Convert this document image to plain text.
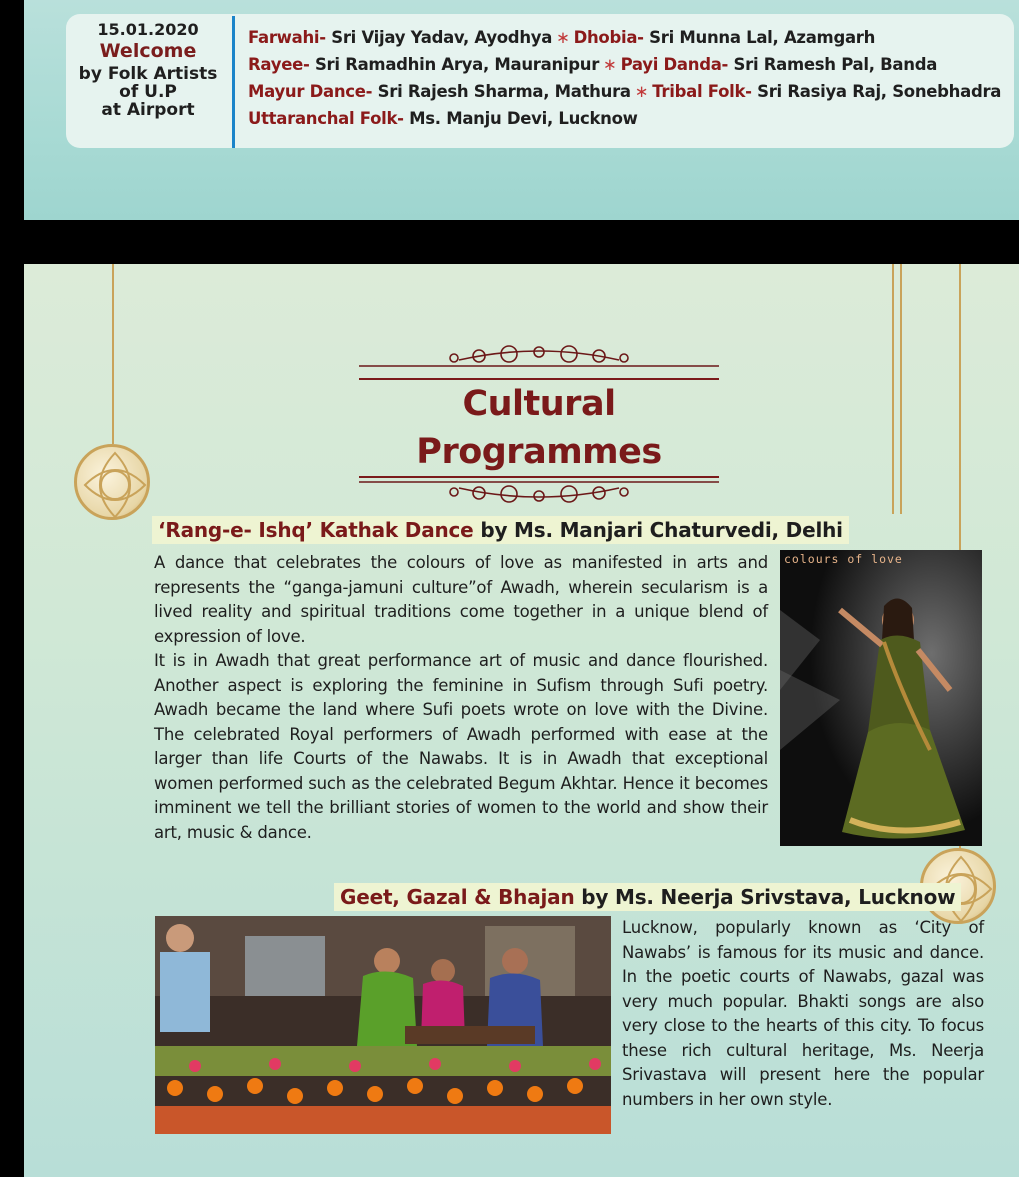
15.01.2020
Welcome
by Folk Artists
of U.P
at Airport
Farwahi- Sri Vijay Yadav, Ayodhya ∗ Dhobia- Sri Munna Lal, Azamgarh
Rayee- Sri Ramadhin Arya, Mauranipur ∗ Payi Danda- Sri Ramesh Pal, Banda
Mayur Dance- Sri Rajesh Sharma, Mathura ∗ Tribal Folk- Sri Rasiya Raj, Sonebhadra
Uttaranchal Folk- Ms. Manju Devi, Lucknow
Cultural Programmes
‘Rang-e- Ishq’ Kathak Dance by Ms. Manjari Chaturvedi, Delhi
A dance that celebrates the colours of love as manifested in arts and represents the “ganga-jamuni culture”of Awadh, wherein secularism is a lived reality and spiritual traditions come together in a unique blend of expression of love.
It is in Awadh that great performance art of music and dance flourished. Another aspect is exploring the feminine in Sufism through Sufi poetry. Awadh became the land where Sufi poets wrote on love with the Divine. The celebrated Royal performers of Awadh performed with ease at the larger than life Courts of the Nawabs. It is in Awadh that exceptional women performed such as the celebrated Begum Akhtar. Hence it becomes imminent we tell the brilliant stories of women to the world and show their art, music & dance.
colours of love
Geet, Gazal & Bhajan by Ms. Neerja Srivstava, Lucknow
Lucknow, popularly known as ‘City of Nawabs’ is famous for its music and dance. In the poetic courts of Nawabs, gazal was very much popular. Bhakti songs are also very close to the hearts of this city. To focus these rich cultural heritage, Ms. Neerja Srivastava will present here the popular numbers in her own style.
